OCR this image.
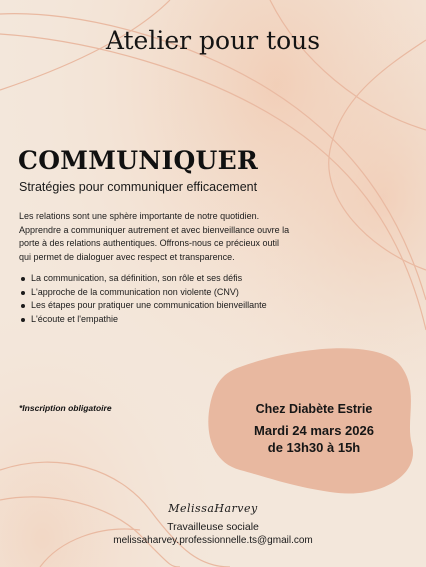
Atelier pour tous
COMMUNIQUER
Stratégies pour communiquer efficacement
Les relations sont une sphère importante de notre quotidien.
Apprendre a communiquer autrement et avec bienveillance ouvre la
porte à des relations authentiques. Offrons-nous ce précieux outil
qui permet de dialoguer avec respect et transparence.
La communication, sa définition, son rôle et ses défis
L'approche de la communication non violente (CNV)
Les étapes pour pratiquer une communication bienveillante
L'écoute et l'empathie
*Inscription obligatoire	Chez Diabète Estrie
Mardi 24 mars 2026
de 13h30 à 15h
MelissaHarvey
Travailleuse sociale
melissaharvey.professionnelle.ts@gmail.com
